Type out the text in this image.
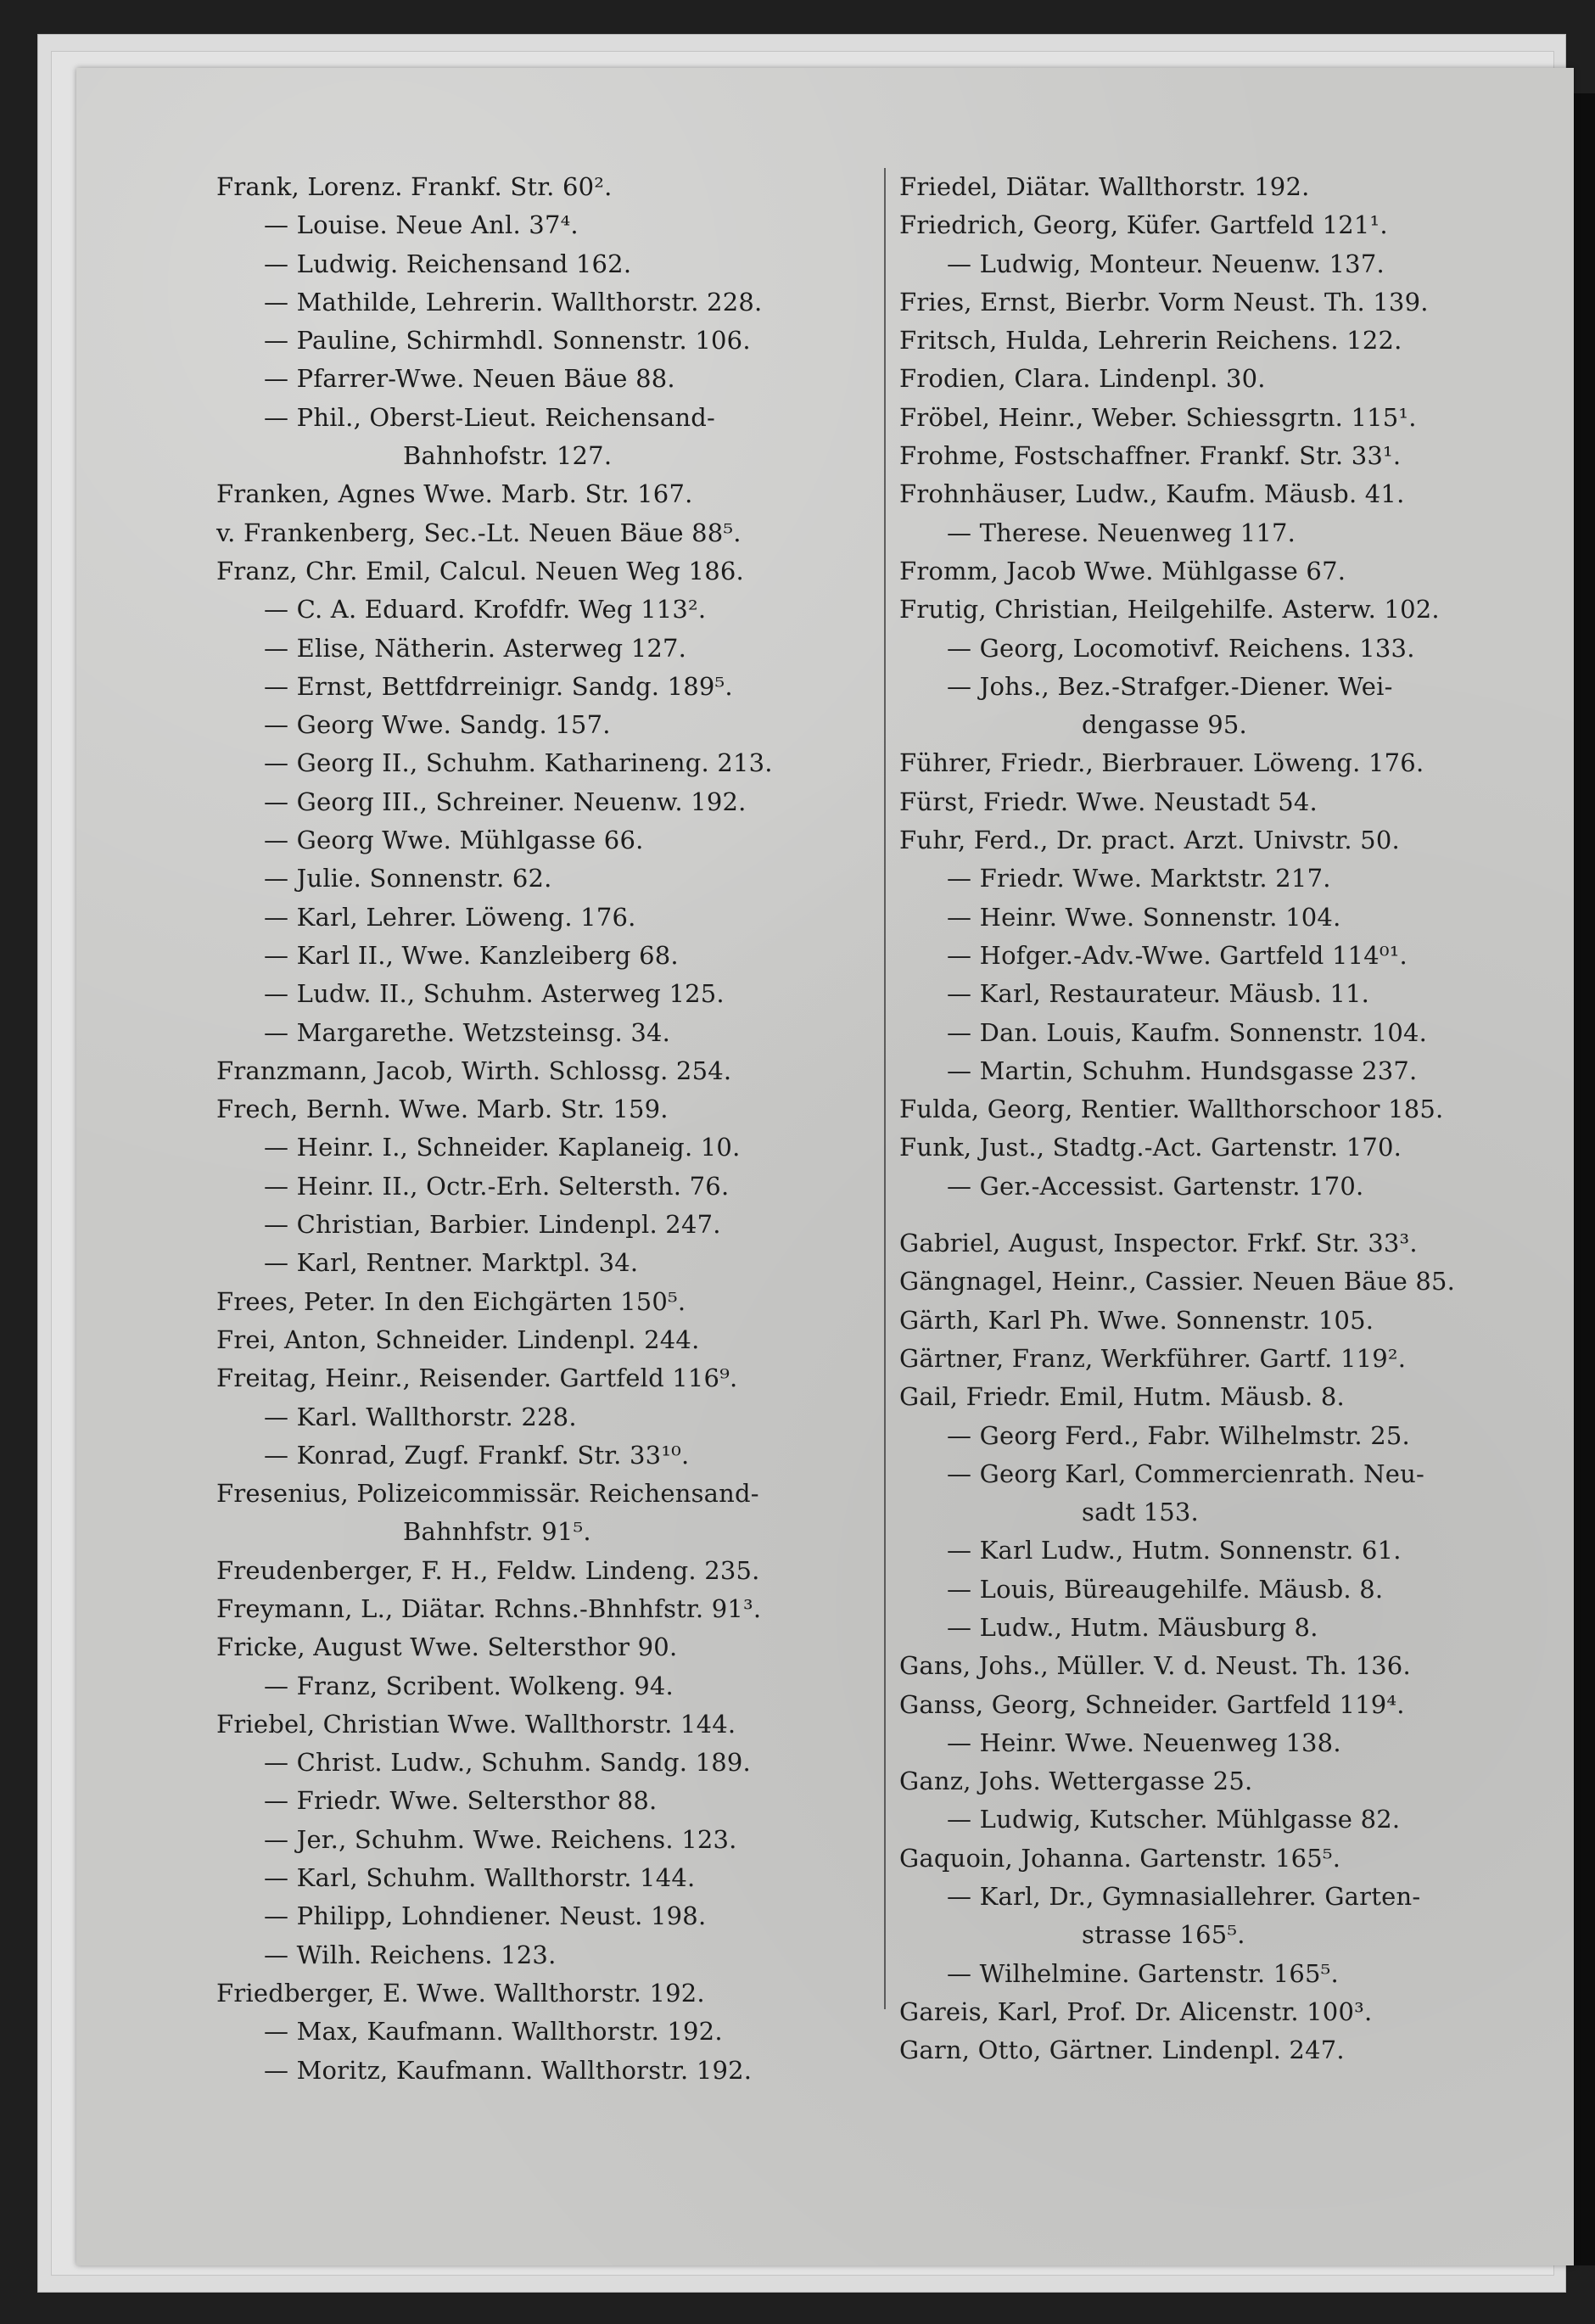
Frank, Lorenz. Frankf. Str. 60².
— Louise. Neue Anl. 37⁴.
— Ludwig. Reichensand 162.
— Mathilde, Lehrerin. Wallthorstr. 228.
— Pauline, Schirmhdl. Sonnenstr. 106.
— Pfarrer-Wwe. Neuen Bäue 88.
— Phil., Oberst-Lieut. Reichensand-
Bahnhofstr. 127.
Franken, Agnes Wwe. Marb. Str. 167.
v. Frankenberg, Sec.-Lt. Neuen Bäue 88⁵.
Franz, Chr. Emil, Calcul. Neuen Weg 186.
— C. A. Eduard. Krofdfr. Weg 113².
— Elise, Nätherin. Asterweg 127.
— Ernst, Bettfdrreinigr. Sandg. 189⁵.
— Georg Wwe. Sandg. 157.
— Georg II., Schuhm. Katharineng. 213.
— Georg III., Schreiner. Neuenw. 192.
— Georg Wwe. Mühlgasse 66.
— Julie. Sonnenstr. 62.
— Karl, Lehrer. Löweng. 176.
— Karl II., Wwe. Kanzleiberg 68.
— Ludw. II., Schuhm. Asterweg 125.
— Margarethe. Wetzsteinsg. 34.
Franzmann, Jacob, Wirth. Schlossg. 254.
Frech, Bernh. Wwe. Marb. Str. 159.
— Heinr. I., Schneider. Kaplaneig. 10.
— Heinr. II., Octr.-Erh. Seltersth. 76.
— Christian, Barbier. Lindenpl. 247.
— Karl, Rentner. Marktpl. 34.
Frees, Peter. In den Eichgärten 150⁵.
Frei, Anton, Schneider. Lindenpl. 244.
Freitag, Heinr., Reisender. Gartfeld 116⁹.
— Karl. Wallthorstr. 228.
— Konrad, Zugf. Frankf. Str. 33¹⁰.
Fresenius, Polizeicommissär. Reichensand-
Bahnhfstr. 91⁵.
Freudenberger, F. H., Feldw. Lindeng. 235.
Freymann, L., Diätar. Rchns.-Bhnhfstr. 91³.
Fricke, August Wwe. Seltersthor 90.
— Franz, Scribent. Wolkeng. 94.
Friebel, Christian Wwe. Wallthorstr. 144.
— Christ. Ludw., Schuhm. Sandg. 189.
— Friedr. Wwe. Seltersthor 88.
— Jer., Schuhm. Wwe. Reichens. 123.
— Karl, Schuhm. Wallthorstr. 144.
— Philipp, Lohndiener. Neust. 198.
— Wilh. Reichens. 123.
Friedberger, E. Wwe. Wallthorstr. 192.
— Max, Kaufmann. Wallthorstr. 192.
— Moritz, Kaufmann. Wallthorstr. 192.
Friedel, Diätar. Wallthorstr. 192.
Friedrich, Georg, Küfer. Gartfeld 121¹.
— Ludwig, Monteur. Neuenw. 137.
Fries, Ernst, Bierbr. Vorm Neust. Th. 139.
Fritsch, Hulda, Lehrerin Reichens. 122.
Frodien, Clara. Lindenpl. 30.
Fröbel, Heinr., Weber. Schiessgrtn. 115¹.
Frohme, Fostschaffner. Frankf. Str. 33¹.
Frohnhäuser, Ludw., Kaufm. Mäusb. 41.
— Therese. Neuenweg 117.
Fromm, Jacob Wwe. Mühlgasse 67.
Frutig, Christian, Heilgehilfe. Asterw. 102.
— Georg, Locomotivf. Reichens. 133.
— Johs., Bez.-Strafger.-Diener. Wei-
dengasse 95.
Führer, Friedr., Bierbrauer. Löweng. 176.
Fürst, Friedr. Wwe. Neustadt 54.
Fuhr, Ferd., Dr. pract. Arzt. Univstr. 50.
— Friedr. Wwe. Marktstr. 217.
— Heinr. Wwe. Sonnenstr. 104.
— Hofger.-Adv.-Wwe. Gartfeld 114⁰¹.
— Karl, Restaurateur. Mäusb. 11.
— Dan. Louis, Kaufm. Sonnenstr. 104.
— Martin, Schuhm. Hundsgasse 237.
Fulda, Georg, Rentier. Wallthorschoor 185.
Funk, Just., Stadtg.-Act. Gartenstr. 170.
— Ger.-Accessist. Gartenstr. 170.
Gabriel, August, Inspector. Frkf. Str. 33³.
Gängnagel, Heinr., Cassier. Neuen Bäue 85.
Gärth, Karl Ph. Wwe. Sonnenstr. 105.
Gärtner, Franz, Werkführer. Gartf. 119².
Gail, Friedr. Emil, Hutm. Mäusb. 8.
— Georg Ferd., Fabr. Wilhelmstr. 25.
— Georg Karl, Commercienrath. Neu-
sadt 153.
— Karl Ludw., Hutm. Sonnenstr. 61.
— Louis, Büreaugehilfe. Mäusb. 8.
— Ludw., Hutm. Mäusburg 8.
Gans, Johs., Müller. V. d. Neust. Th. 136.
Ganss, Georg, Schneider. Gartfeld 119⁴.
— Heinr. Wwe. Neuenweg 138.
Ganz, Johs. Wettergasse 25.
— Ludwig, Kutscher. Mühlgasse 82.
Gaquoin, Johanna. Gartenstr. 165⁵.
— Karl, Dr., Gymnasiallehrer. Garten-
strasse 165⁵.
— Wilhelmine. Gartenstr. 165⁵.
Gareis, Karl, Prof. Dr. Alicenstr. 100³.
Garn, Otto, Gärtner. Lindenpl. 247.
